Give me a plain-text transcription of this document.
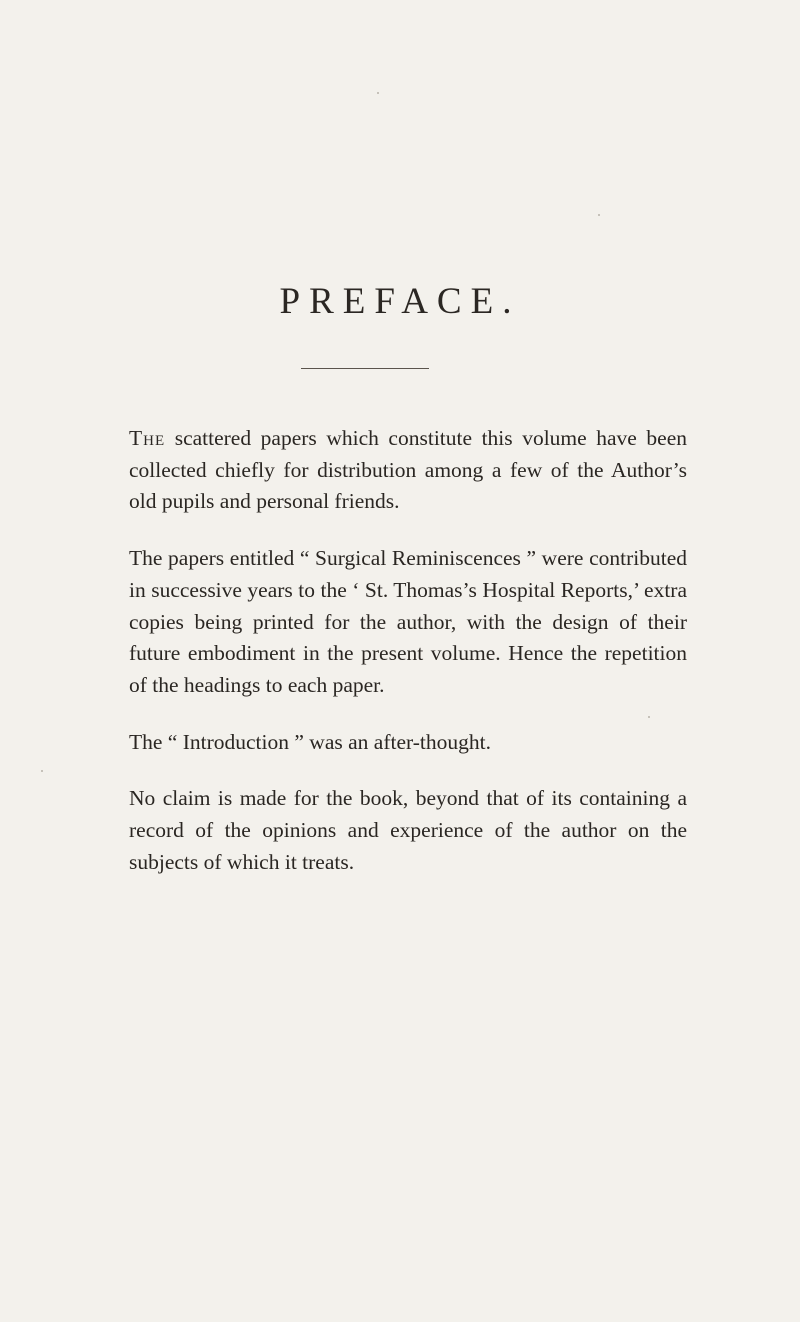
PREFACE.

The scattered papers which constitute this volume have been collected chiefly for distribution among a few of the Author’s old pupils and personal friends.

The papers entitled “ Surgical Reminiscences ” were contributed in successive years to the ‘ St. Thomas’s Hospital Reports,’ extra copies being printed for the author, with the design of their future embodiment in the present volume. Hence the repetition of the headings to each paper.

The “ Introduction ” was an after-thought.

No claim is made for the book, beyond that of its containing a record of the opinions and experience of the author on the subjects of which it treats.
